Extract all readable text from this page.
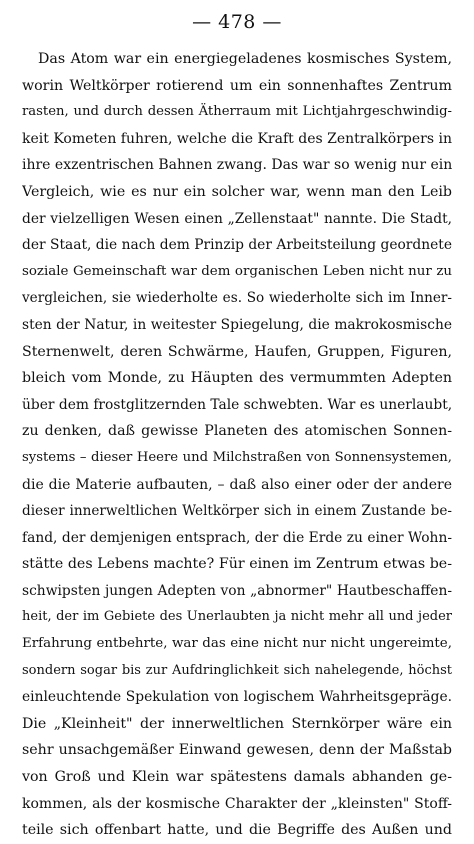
— 478 —
Das Atom war ein energiegeladenes kosmisches System,
worin Weltkörper rotierend um ein sonnenhaftes Zentrum
rasten, und durch dessen Ätherraum mit Lichtjahrgeschwindig-
keit Kometen fuhren, welche die Kraft des Zentralkörpers in
ihre exzentrischen Bahnen zwang. Das war so wenig nur ein
Vergleich, wie es nur ein solcher war, wenn man den Leib
der vielzelligen Wesen einen „Zellenstaat" nannte. Die Stadt,
der Staat, die nach dem Prinzip der Arbeitsteilung geordnete
soziale Gemeinschaft war dem organischen Leben nicht nur zu
vergleichen, sie wiederholte es. So wiederholte sich im Inner-
sten der Natur, in weitester Spiegelung, die makrokosmische
Sternenwelt, deren Schwärme, Haufen, Gruppen, Figuren,
bleich vom Monde, zu Häupten des vermummten Adepten
über dem frostglitzernden Tale schwebten. War es unerlaubt,
zu denken, daß gewisse Planeten des atomischen Sonnen-
systems – dieser Heere und Milchstraßen von Sonnensystemen,
die die Materie aufbauten, – daß also einer oder der andere
dieser innerweltlichen Weltkörper sich in einem Zustande be-
fand, der demjenigen entsprach, der die Erde zu einer Wohn-
stätte des Lebens machte? Für einen im Zentrum etwas be-
schwipsten jungen Adepten von „abnormer" Hautbeschaffen-
heit, der im Gebiete des Unerlaubten ja nicht mehr all und jeder
Erfahrung entbehrte, war das eine nicht nur nicht ungereimte,
sondern sogar bis zur Aufdringlichkeit sich nahelegende, höchst
einleuchtende Spekulation von logischem Wahrheitsgepräge.
Die „Kleinheit" der innerweltlichen Sternkörper wäre ein
sehr unsachgemäßer Einwand gewesen, denn der Maßstab
von Groß und Klein war spätestens damals abhanden ge-
kommen, als der kosmische Charakter der „kleinsten" Stoff-
teile sich offenbart hatte, und die Begriffe des Außen und
